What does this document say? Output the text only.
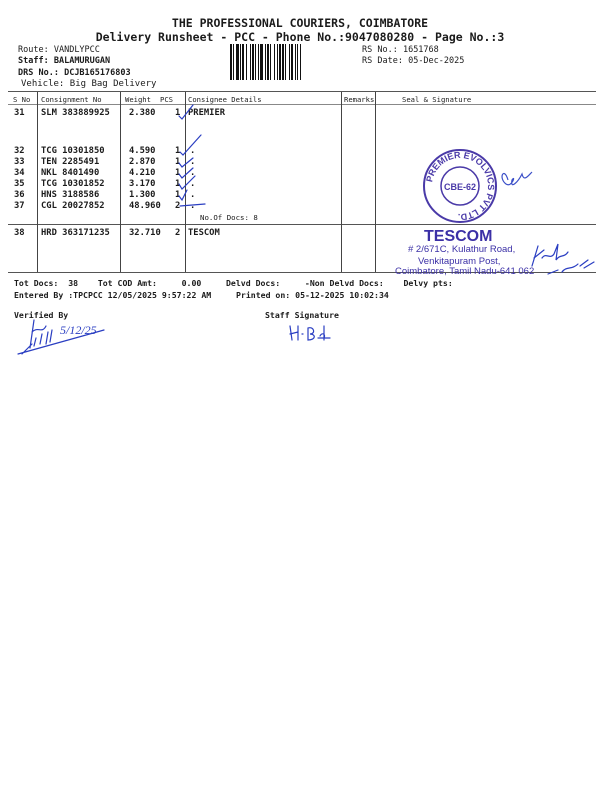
THE PROFESSIONAL COURIERS, COIMBATORE
Delivery Runsheet - PCC - Phone No.:9047080280 - Page No.:3
Route: VANDLYPCC
Staff: BALAMURUGAN
DRS No.: DCJB165176803
Vehicle: Big Bag Delivery
RS No.: 1651768
RS Date: 05-Dec-2025
S No Consignment No	Weight PCS Consignee Details	Remarks	Seal & Signature
31 SLM 383889925 2.380 1 PREMIER
32 TCG 10301850	4.590 1 .
33 TEN 2285491	2.870 1 .
34 NKL 8401490	4.210 1 .
35 TCG 10301852	3.170 1 .
36 HNS 3188586	1.300 1 .
37 CGL 20027852	48.960 2 .
No.Of Docs: 8
38 HRD 363171235 32.710 2 TESCOM
PREMIER EVOLVICS PVT LTD.
CBE-62
TESCOM
# 2/671C, Kulathur Road,
Venkitapuram Post,
Coimbatore, Tamil Nadu-641 062
Tot Docs: 38 Tot COD Amt:	0.00	Delvd Docs:	-Non Delvd Docs: Delvy pts:
Entered By :TPCPCC 12/05/2025 9:57:22 AM	Printed on: 05-12-2025 10:02:34
Verified By	Staff Signature
5/12/25
